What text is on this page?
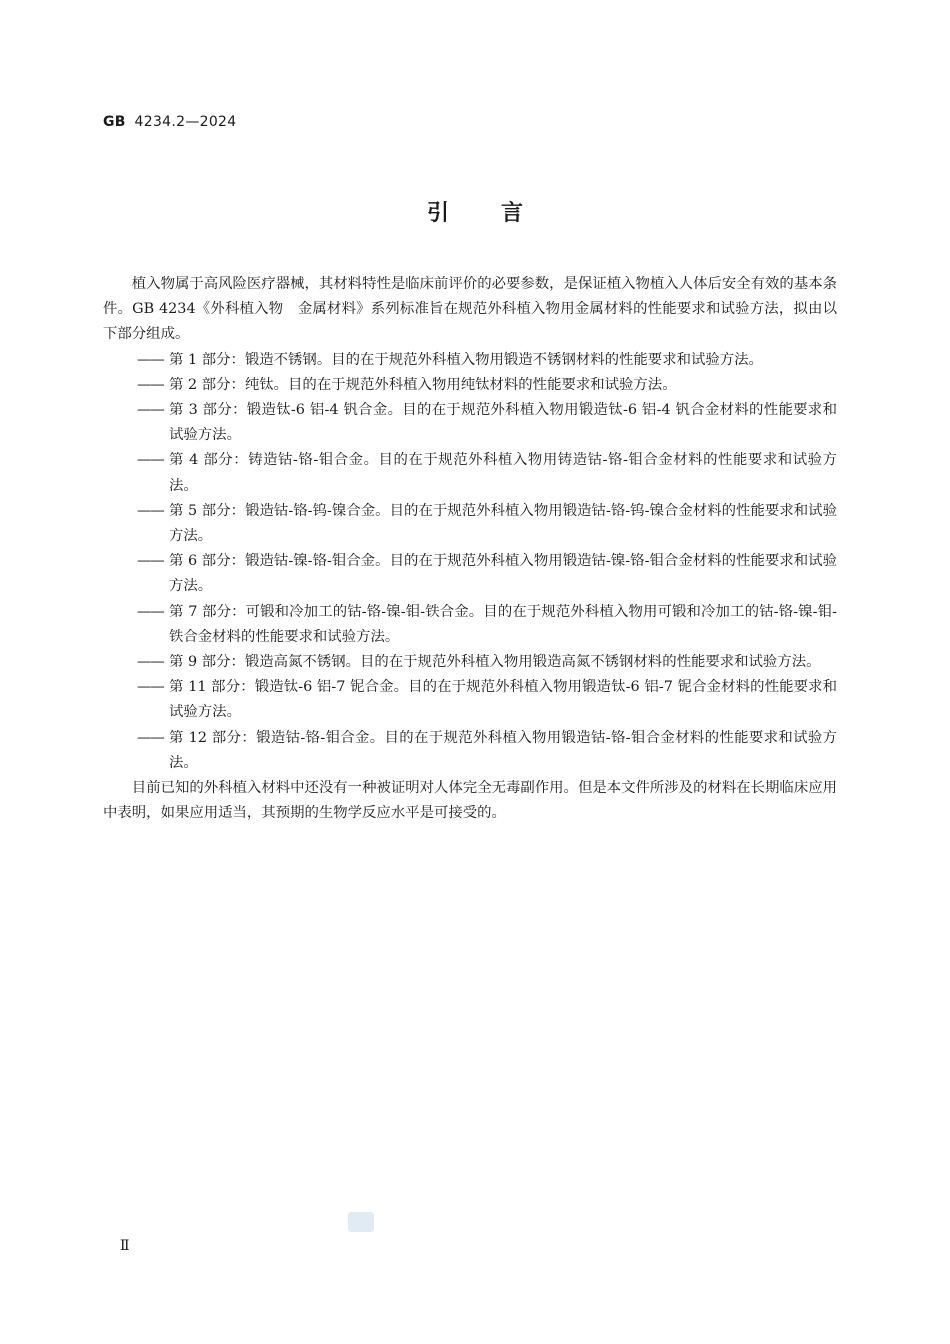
GB 4234.2—2024
引言

植入物属于高风险医疗器械，其材料特性是临床前评价的必要参数，是保证植入物植入人体后安全有效的基本条件。GB 4234《外科植入物　金属材料》系列标准旨在规范外科植入物用金属材料的性能要求和试验方法，拟由以下部分组成。

—— 第 1 部分：锻造不锈钢。目的在于规范外科植入物用锻造不锈钢材料的性能要求和试验方法。
—— 第 2 部分：纯钛。目的在于规范外科植入物用纯钛材料的性能要求和试验方法。
—— 第 3 部分：锻造钛-6 铝-4 钒合金。目的在于规范外科植入物用锻造钛-6 铝-4 钒合金材料的性能要求和试验方法。
—— 第 4 部分：铸造钴-铬-钼合金。目的在于规范外科植入物用铸造钴-铬-钼合金材料的性能要求和试验方法。
—— 第 5 部分：锻造钴-铬-钨-镍合金。目的在于规范外科植入物用锻造钴-铬-钨-镍合金材料的性能要求和试验方法。
—— 第 6 部分：锻造钴-镍-铬-钼合金。目的在于规范外科植入物用锻造钴-镍-铬-钼合金材料的性能要求和试验方法。
—— 第 7 部分：可锻和冷加工的钴-铬-镍-钼-铁合金。目的在于规范外科植入物用可锻和冷加工的钴-铬-镍-钼-铁合金材料的性能要求和试验方法。
—— 第 9 部分：锻造高氮不锈钢。目的在于规范外科植入物用锻造高氮不锈钢材料的性能要求和试验方法。
—— 第 11 部分：锻造钛-6 铝-7 铌合金。目的在于规范外科植入物用锻造钛-6 铝-7 铌合金材料的性能要求和试验方法。
—— 第 12 部分：锻造钴-铬-钼合金。目的在于规范外科植入物用锻造钴-铬-钼合金材料的性能要求和试验方法。

目前已知的外科植入材料中还没有一种被证明对人体完全无毒副作用。但是本文件所涉及的材料在长期临床应用中表明，如果应用适当，其预期的生物学反应水平是可接受的。

Ⅱ
